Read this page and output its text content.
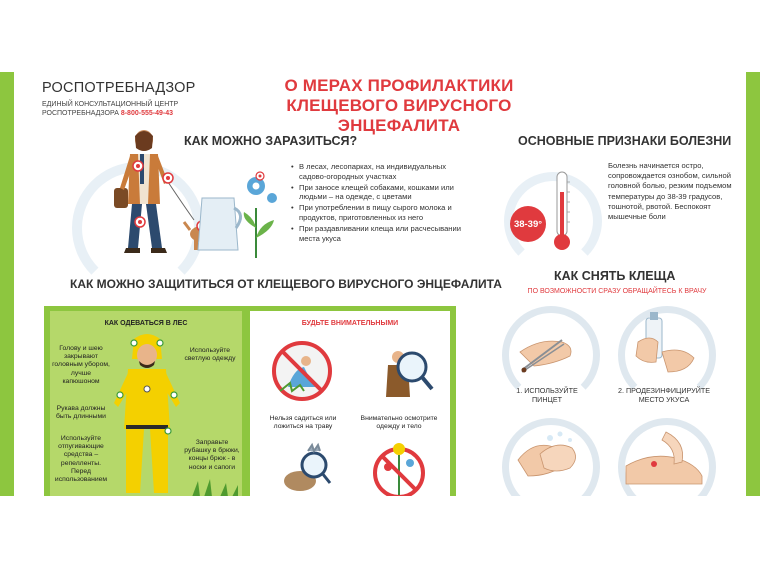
РОСПОТРЕБНАДЗОР
ЕДИНЫЙ КОНСУЛЬТАЦИОННЫЙ ЦЕНТР
РОСПОТРЕБНАДЗОРА 8-800-555-49-43
О МЕРАХ ПРОФИЛАКТИКИ
КЛЕЩЕВОГО ВИРУСНОГО ЭНЦЕФАЛИТА
КАК МОЖНО ЗАРАЗИТЬСЯ?
• В лесах, лесопарках, на индивидуальных садово-огородных участках
• При заносе клещей собаками, кошками или людьми – на одежде, с цветами
• При употреблении в пищу сырого молока и продуктов, приготовленных из него
• При раздавливании клеща или расчесывании места укуса
ОСНОВНЫЕ ПРИЗНАКИ БОЛЕЗНИ
38-39°
Болезнь начинается остро, сопровождается ознобом, сильной головной болью, резким подъемом температуры до 38-39 градусов, тошнотой, рвотой. Беспокоят мышечные боли
КАК МОЖНО ЗАЩИТИТЬСЯ ОТ КЛЕЩЕВОГО ВИРУСНОГО ЭНЦЕФАЛИТА
КАК ОДЕВАТЬСЯ В ЛЕС
Голову и шею закрывают головным убором, лучше капюшоном
Используйте светлую одежду
Рукава должны быть длинными
Используйте отпугивающие средства – репелленты. Перед использованием
Заправьте рубашку в брюки, концы брюк - в носки и сапоги
БУДЬТЕ ВНИМАТЕЛЬНЫМИ
Нельзя садиться или ложиться на траву
Внимательно осмотрите одежду и тело
КАК СНЯТЬ КЛЕЩА
ПО ВОЗМОЖНОСТИ СРАЗУ ОБРАЩАЙТЕСЬ К ВРАЧУ
1. ИСПОЛЬЗУЙТЕ ПИНЦЕТ
2. ПРОДЕЗИНФИЦИРУЙТЕ МЕСТО УКУСА
